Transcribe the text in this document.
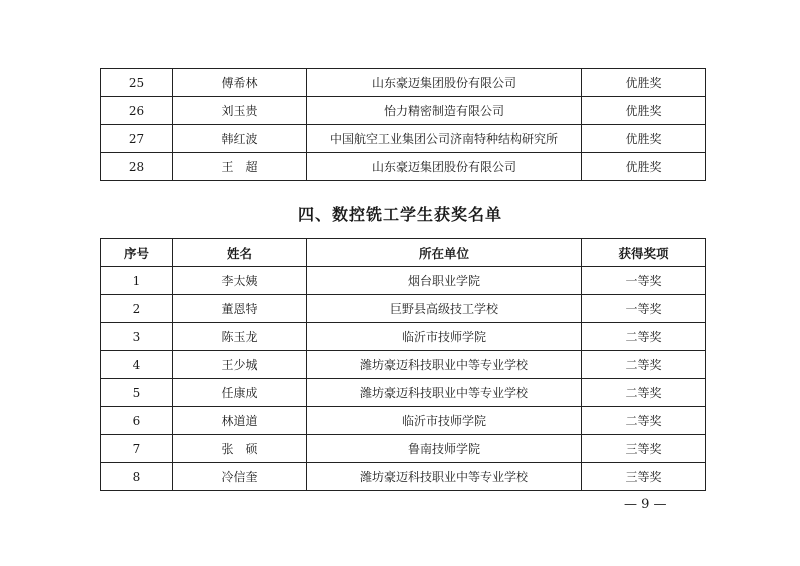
25	傅希林	山东豪迈集团股份有限公司	优胜奖
26	刘玉贵	怡力精密制造有限公司	优胜奖
27	韩红波	中国航空工业集团公司济南特种结构研究所	优胜奖
28	王　超	山东豪迈集团股份有限公司	优胜奖
四、数控铣工学生获奖名单
序号	姓名	所在单位	获得奖项
1	李太姨	烟台职业学院	一等奖
2	董恩特	巨野县高级技工学校	一等奖
3	陈玉龙	临沂市技师学院	二等奖
4	王少城	潍坊豪迈科技职业中等专业学校	二等奖
5	任康成	潍坊豪迈科技职业中等专业学校	二等奖
6	林道道	临沂市技师学院	二等奖
7	张　硕	鲁南技师学院	三等奖
8	冷信奎	潍坊豪迈科技职业中等专业学校	三等奖
— 9 —
